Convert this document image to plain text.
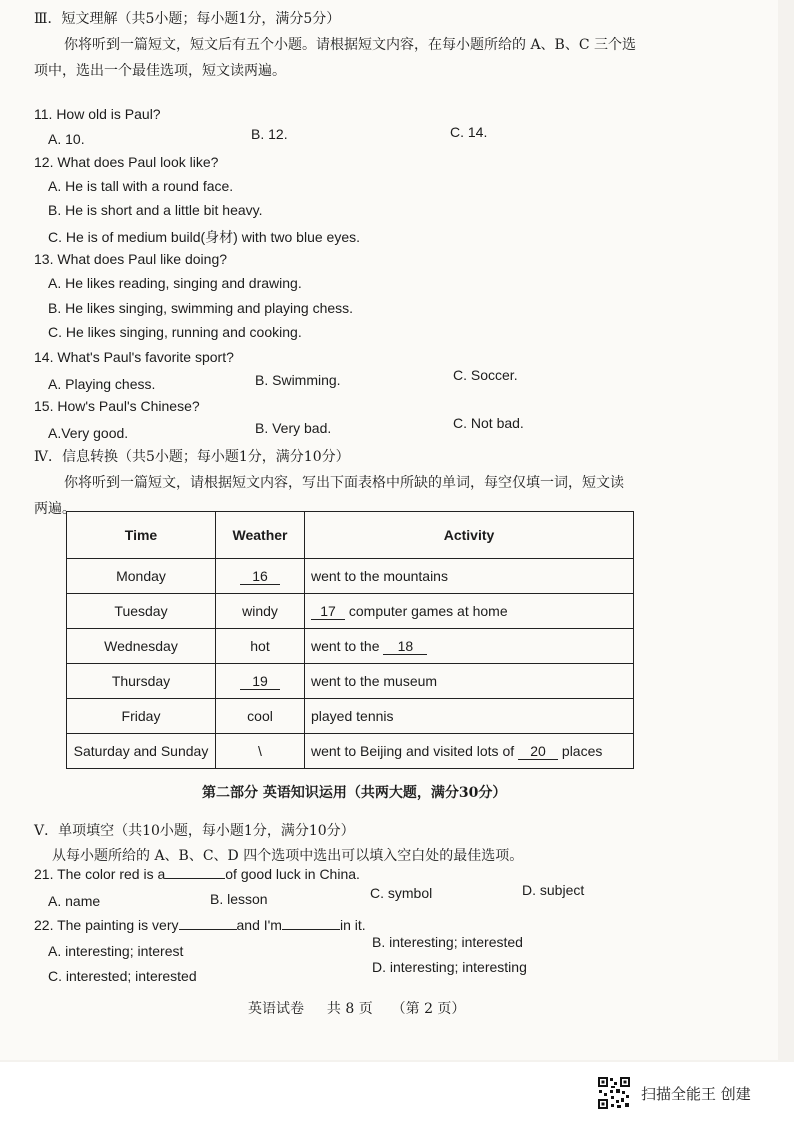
Ⅲ．短文理解（共5小题；每小题1分，满分5分）
你将听到一篇短文，短文后有五个小题。请根据短文内容，在每小题所给的 A、B、C 三个选
项中，选出一个最佳选项，短文读两遍。
11. How old is Paul?
A. 10.	B. 12.	C. 14.
12. What does Paul look like?
A. He is tall with a round face.
B. He is short and a little bit heavy.
C. He is of medium build(身材) with two blue eyes.
13. What does Paul like doing?
A. He likes reading, singing and drawing.
B. He likes singing, swimming and playing chess.
C. He likes singing, running and cooking.
14. What's Paul's favorite sport?
A. Playing chess.	B. Swimming.	C. Soccer.
15. How's Paul's Chinese?
A.Very good.	B. Very bad.	C. Not bad.
Ⅳ．信息转换（共5小题；每小题1分，满分10分）
你将听到一篇短文，请根据短文内容，写出下面表格中所缺的单词，每空仅填一词，短文读
两遍。
Time	Weather	Activity
Monday	16	went to the mountains
Tuesday	windy	17 computer games at home
Wednesday	hot	went to the 18
Thursday	19	went to the museum
Friday	cool	played tennis
Saturday and Sunday	\	went to Beijing and visited lots of 20 places
第二部分 英语知识运用（共两大题，满分30分）
Ⅴ．单项填空（共10小题，每小题1分，满分10分）
从每小题所给的 A、B、C、D 四个选项中选出可以填入空白处的最佳选项。
21. The color red is a	of good luck in China.
A. name	B. lesson	C. symbol	D. subject
22. The painting is very	and I'm	in it.
A. interesting; interest
B. interesting; interested
C. interested; interested
D. interesting; interesting
英语试卷 共 8 页 （第 2 页）
扫描全能王 创建
